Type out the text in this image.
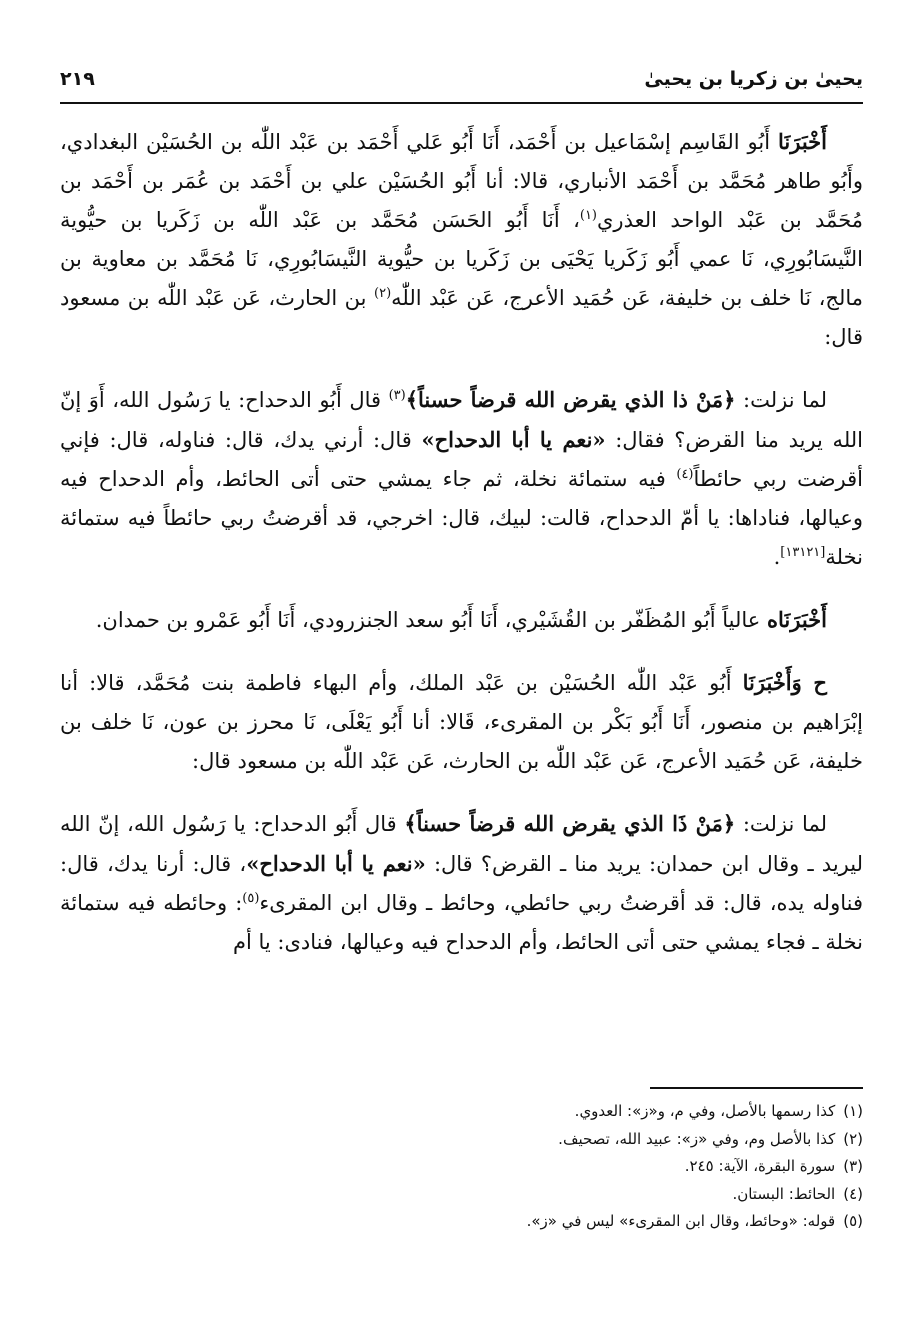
يحيىٰ بن زكريا بن يحيىٰ
٢١٩

أَخْبَرَنَا أَبُو القَاسِم إسْمَاعيل بن أَحْمَد، أَنَا أَبُو عَلي أَحْمَد بن عَبْد اللّٰه بن الحُسَيْن البغدادي، وأَبُو طاهر مُحَمَّد بن أَحْمَد الأنباري، قالا: أنا أَبُو الحُسَيْن علي بن أَحْمَد بن عُمَر بن أَحْمَد بن مُحَمَّد بن عَبْد الواحد العذري$^{(١)}$، أَنَا أَبُو الحَسَن مُحَمَّد بن عَبْد اللّٰه بن زَكَريا بن حيُّوية النَّيسَابُورِي، نَا عمي أَبُو زَكَريا يَحْيَى بن زَكَريا بن حيُّوية النَّيسَابُورِي، نَا مُحَمَّد بن معاوية بن مالج، نَا خلف بن خليفة، عَن حُمَيد الأعرج، عَن عَبْد اللّٰه$^{(٢)}$ بن الحارث، عَن عَبْد اللّٰه بن مسعود قال:

لما نزلت: ﴿مَنْ ذا الذي يقرض الله قرضاً حسناً﴾$^{(٣)}$ قال أَبُو الدحداح: يا رَسُول الله، أَوَ إنّ الله يريد منا القرض؟ فقال: «نعم يا أبا الدحداح» قال: أرني يدك، قال: فناوله، قال: فإني أقرضت ربي حائطاً$^{(٤)}$ فيه ستمائة نخلة، ثم جاء يمشي حتى أتى الحائط، وأم الدحداح فيه وعيالها، فناداها: يا أمّ الدحداح، قالت: لبيك، قال: اخرجي، قد أقرضتُ ربي حائطاً فيه ستمائة نخلة[١٣١٢١].

أَخْبَرَنَاه عالياً أَبُو المُظَفّر بن القُشَيْري، أَنَا أَبُو سعد الجنزرودي، أَنَا أَبُو عَمْرو بن حمدان.

ح وَأَخْبَرَنَا أَبُو عَبْد اللّٰه الحُسَيْن بن عَبْد الملك، وأم البهاء فاطمة بنت مُحَمَّد، قالا: أنا إبْرَاهيم بن منصور، أَنَا أَبُو بَكْر بن المقرىء، قَالا: أنا أَبُو يَعْلَى، نَا محرز بن عون، نَا خلف بن خليفة، عَن حُمَيد الأعرج، عَن عَبْد اللّٰه بن الحارث، عَن عَبْد اللّٰه بن مسعود قال:

لما نزلت: ﴿مَنْ ذَا الذي يقرض الله قرضاً حسناً﴾ قال أَبُو الدحداح: يا رَسُول الله، إنّ الله ليريد ـ وقال ابن حمدان: يريد منا ـ القرض؟ قال: «نعم يا أبا الدحداح»، قال: أرنا يدك، قال: فناوله يده، قال: قد أقرضتُ ربي حائطي، وحائط ـ وقال ابن المقرىء$^{(٥)}$: وحائطه فيه ستمائة نخلة ـ فجاء يمشي حتى أتى الحائط، وأم الدحداح فيه وعيالها، فنادى: يا أم

(١)كذا رسمها بالأصل، وفي م، و«ز»: العدوي.
(٢)كذا بالأصل وم، وفي «ز»: عبيد الله، تصحيف.
(٣)سورة البقرة، الآية: ٢٤٥.
(٤)الحائط: البستان.
(٥)قوله: «وحائط، وقال ابن المقرىء» ليس في «ز».
